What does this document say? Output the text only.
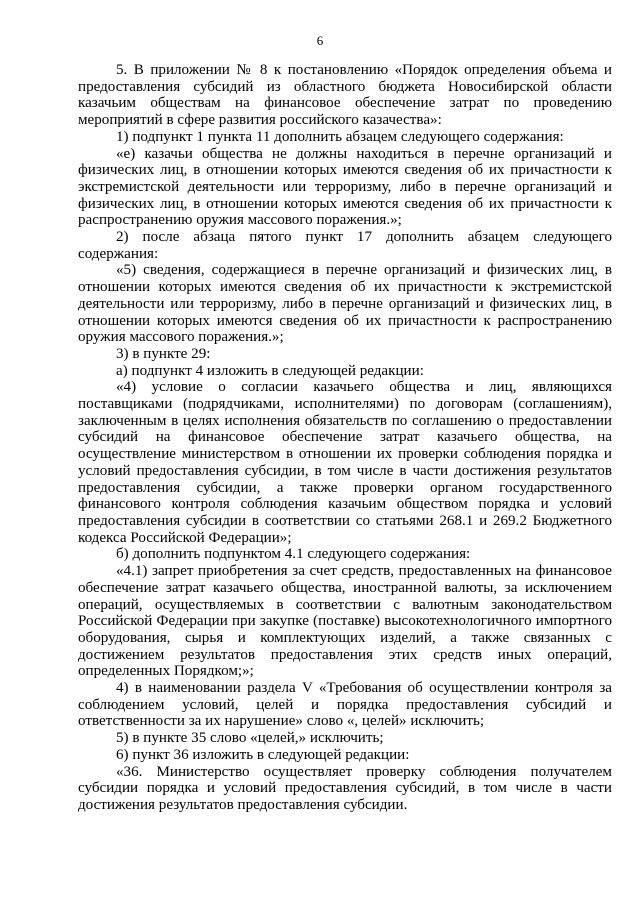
6

5. В приложении № 8 к постановлению «Порядок определения объема и предоставления субсидий из областного бюджета Новосибирской области казачьим обществам на финансовое обеспечение затрат по проведению мероприятий в сфере развития российского казачества»:

1) подпункт 1 пункта 11 дополнить абзацем следующего содержания:

«е) казачьи общества не должны находиться в перечне организаций и физических лиц, в отношении которых имеются сведения об их причастности к экстремистской деятельности или терроризму, либо в перечне организаций и физических лиц, в отношении которых имеются сведения об их причастности к распространению оружия массового поражения.»;

2) после абзаца пятого пункт 17 дополнить абзацем следующего содержания:

«5) сведения, содержащиеся в перечне организаций и физических лиц, в отношении которых имеются сведения об их причастности к экстремистской деятельности или терроризму, либо в перечне организаций и физических лиц, в отношении которых имеются сведения об их причастности к распространению оружия массового поражения.»;

3) в пункте 29:

а) подпункт 4 изложить в следующей редакции:

«4) условие о согласии казачьего общества и лиц, являющихся поставщиками (подрядчиками, исполнителями) по договорам (соглашениям), заключенным в целях исполнения обязательств по соглашению о предоставлении субсидий на финансовое обеспечение затрат казачьего общества, на осуществление министерством в отношении их проверки соблюдения порядка и условий предоставления субсидии, в том числе в части достижения результатов предоставления субсидии, а также проверки органом государственного финансового контроля соблюдения казачьим обществом порядка и условий предоставления субсидии в соответствии со статьями 268.1 и 269.2 Бюджетного кодекса Российской Федерации»;

б) дополнить подпунктом 4.1 следующего содержания:

«4.1) запрет приобретения за счет средств, предоставленных на финансовое обеспечение затрат казачьего общества, иностранной валюты, за исключением операций, осуществляемых в соответствии с валютным законодательством Российской Федерации при закупке (поставке) высокотехнологичного импортного оборудования, сырья и комплектующих изделий, а также связанных с достижением результатов предоставления этих средств иных операций, определенных Порядком;»;

4) в наименовании раздела V «Требования об осуществлении контроля за соблюдением условий, целей и порядка предоставления субсидий и ответственности за их нарушение» слово «, целей» исключить;

5) в пункте 35 слово «целей,» исключить;

6) пункт 36 изложить в следующей редакции:

«36. Министерство осуществляет проверку соблюдения получателем субсидии порядка и условий предоставления субсидий, в том числе в части достижения результатов предоставления субсидии.
